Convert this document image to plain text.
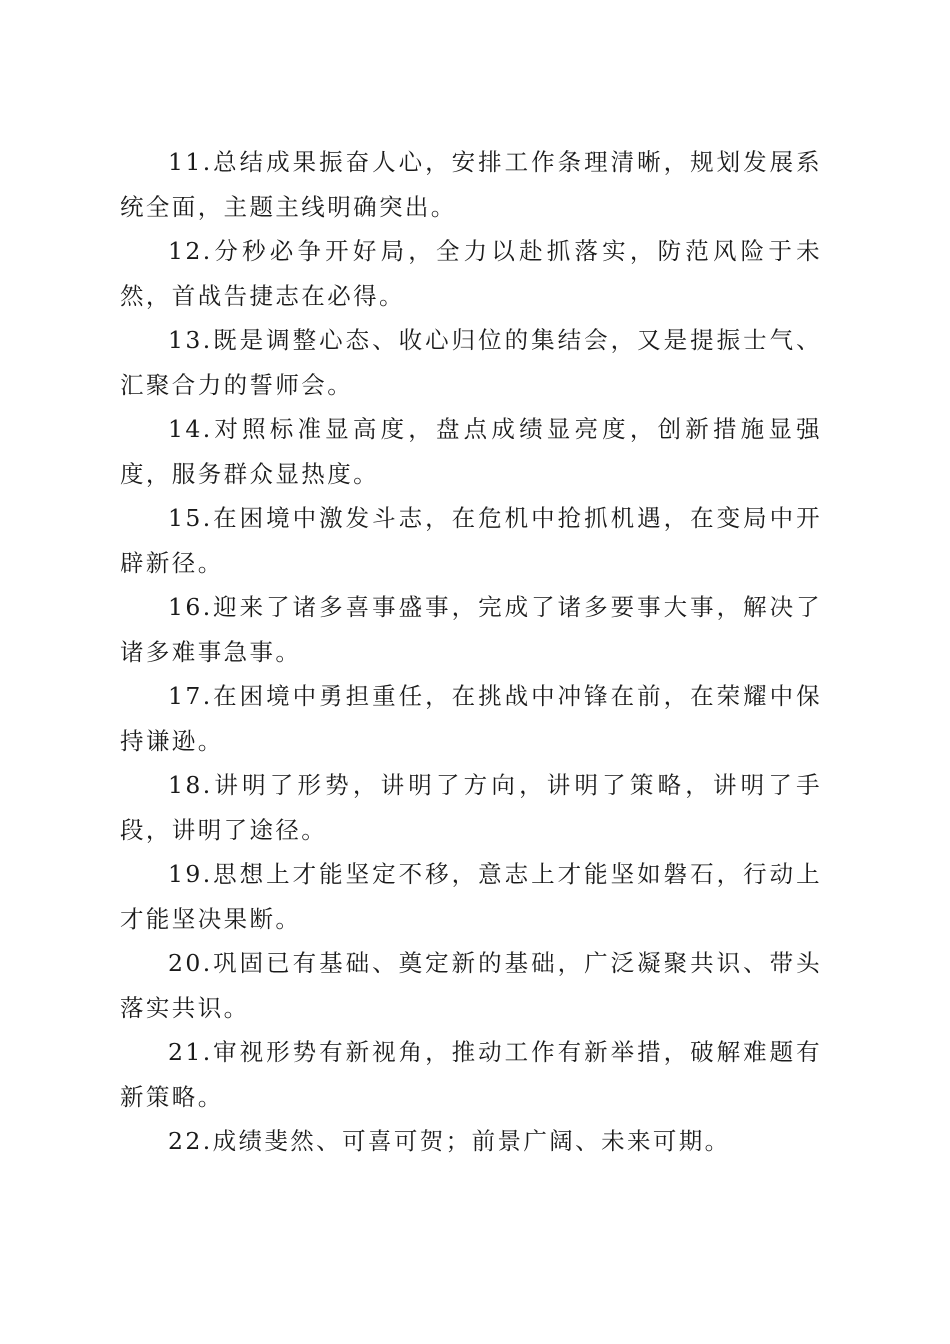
11.总结成果振奋人心，安排工作条理清晰，规划发展系统全面，主题主线明确突出。

12.分秒必争开好局，全力以赴抓落实，防范风险于未然，首战告捷志在必得。

13.既是调整心态、收心归位的集结会，又是提振士气、汇聚合力的誓师会。

14.对照标准显高度，盘点成绩显亮度，创新措施显强度，服务群众显热度。

15.在困境中激发斗志，在危机中抢抓机遇，在变局中开辟新径。

16.迎来了诸多喜事盛事，完成了诸多要事大事，解决了诸多难事急事。

17.在困境中勇担重任，在挑战中冲锋在前，在荣耀中保持谦逊。

18.讲明了形势，讲明了方向，讲明了策略，讲明了手段，讲明了途径。

19.思想上才能坚定不移，意志上才能坚如磐石，行动上才能坚决果断。

20.巩固已有基础、奠定新的基础，广泛凝聚共识、带头落实共识。

21.审视形势有新视角，推动工作有新举措，破解难题有新策略。

22.成绩斐然、可喜可贺；前景广阔、未来可期。
